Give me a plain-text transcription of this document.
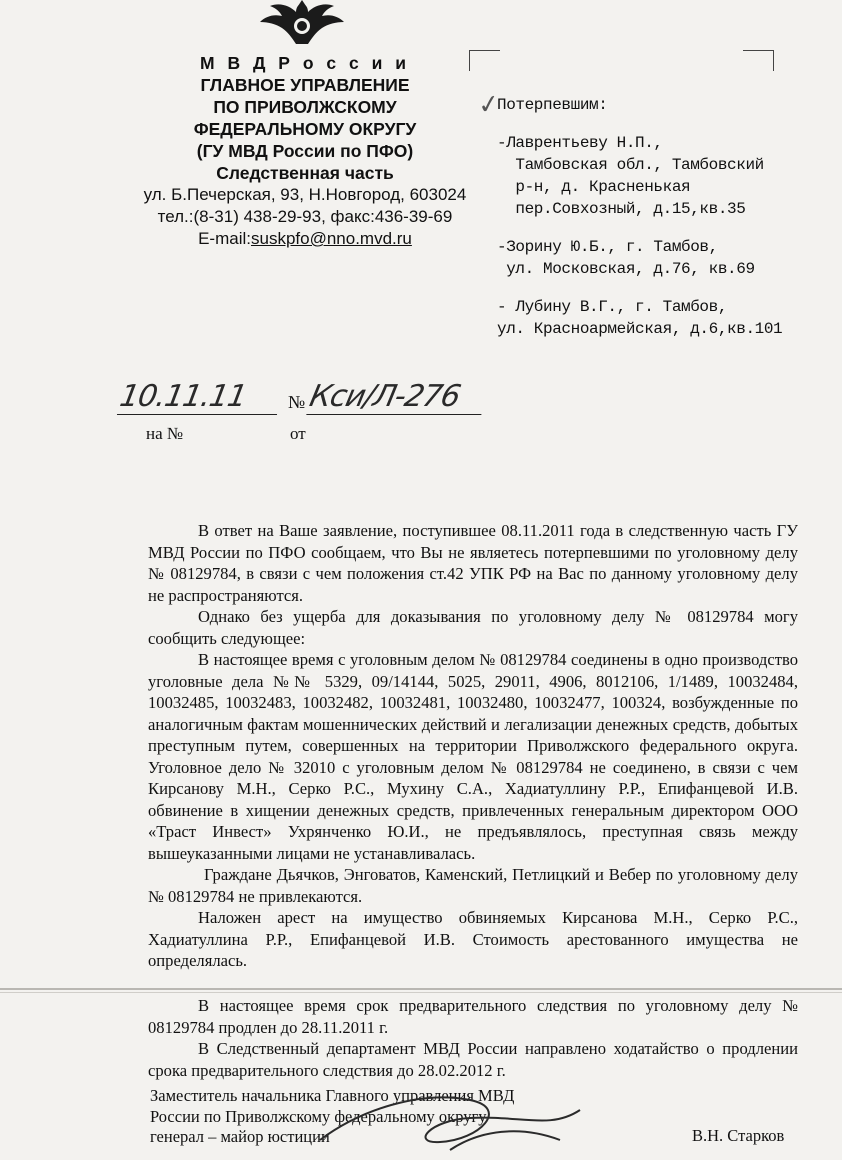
М В Д Р о с с и и
ГЛАВНОЕ УПРАВЛЕНИЕ
ПО ПРИВОЛЖСКОМУ
ФЕДЕРАЛЬНОМУ ОКРУГУ
(ГУ МВД России по ПФО)
Следственная часть
ул. Б.Печерская, 93, Н.Новгород, 603024
тел.:(8-31) 438-29-93, факс:436-39-69
E-mail:suskpfo@nno.mvd.ru
✓
Потерпевшим:
-Лаврентьеву Н.П.,
Тамбовская обл., Тамбовский
р-н, д. Красненькая
пер.Совхозный, д.15,кв.35
-Зорину Ю.Б., г. Тамбов,
ул. Московская, д.76, кв.69
- Лубину В.Г., г. Тамбов,
ул. Красноармейская, д.6,кв.101
10.11.11	№ Кси/Л-276
на №	от

В ответ на Ваше заявление, поступившее 08.11.2011 года в следственную часть ГУ МВД России по ПФО сообщаем, что Вы не являетесь потерпевшими по уголовному делу № 08129784, в связи с чем положения ст.42 УПК РФ на Вас по данному уголовному делу не распространяются.

Однако без ущерба для доказывания по уголовному делу № 08129784 могу сообщить следующее:

В настоящее время с уголовным делом № 08129784 соединены в одно производство уголовные дела №№ 5329, 09/14144, 5025, 29011, 4906, 8012106, 1/1489, 10032484, 10032485, 10032483, 10032482, 10032481, 10032480, 10032477, 100324, возбужденные по аналогичным фактам мошеннических действий и легализации денежных средств, добытых преступным путем, совершенных на территории Приволжского федерального округа. Уголовное дело № 32010 с уголовным делом № 08129784 не соединено, в связи с чем Кирсанову М.Н., Серко Р.С., Мухину С.А., Хадиатуллину Р.Р., Епифанцевой И.В. обвинение в хищении денежных средств, привлеченных генеральным директором ООО «Траст Инвест» Ухрянченко Ю.И., не предъявлялось, преступная связь между вышеуказанными лицами не устанавливалась.

Граждане Дьячков, Энговатов, Каменский, Петлицкий и Вебер по уголовному делу № 08129784 не привлекаются.

Наложен арест на имущество обвиняемых Кирсанова М.Н., Серко Р.С., Хадиатуллина Р.Р., Епифанцевой И.В. Стоимость арестованного имущества не определялась.

В настоящее время срок предварительного следствия по уголовному делу № 08129784 продлен до 28.11.2011 г.

В Следственный департамент МВД России направлено ходатайство о продлении срока предварительного следствия до 28.02.2012 г.

Заместитель начальника Главного управления МВД
России по Приволжскому федеральному округу
генерал – майор юстиции	В.Н. Старков
